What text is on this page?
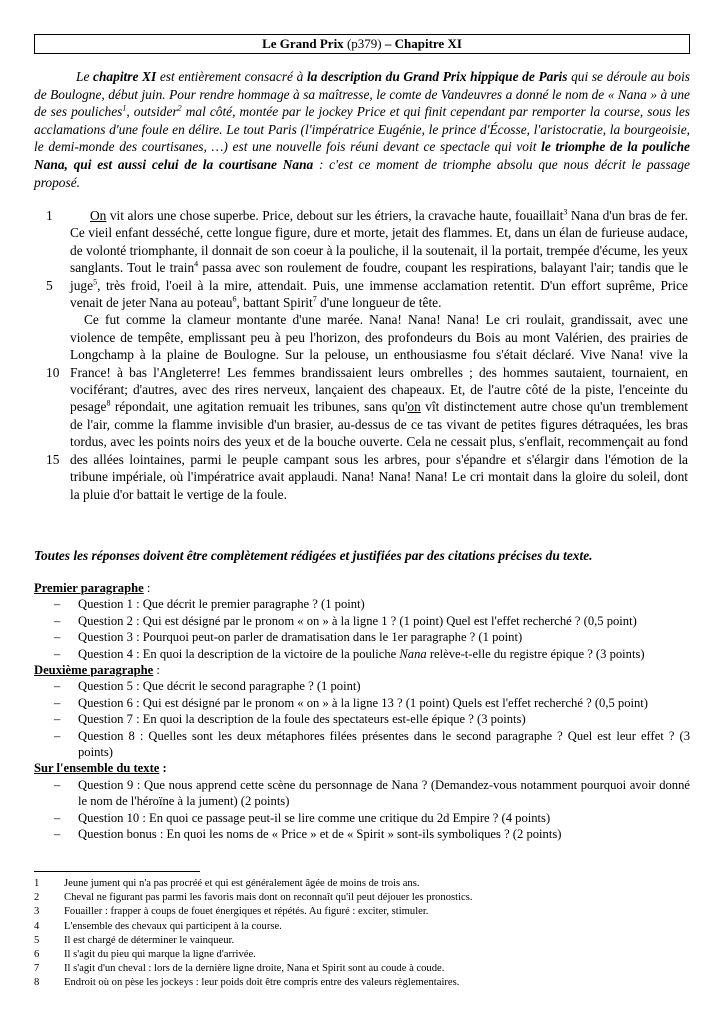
Le Grand Prix (p379) – Chapitre XI

Le chapitre XI est entièrement consacré à la description du Grand Prix hippique de Paris qui se déroule au bois de Boulogne, début juin. Pour rendre hommage à sa maîtresse, le comte de Vandeuvres a donné le nom de « Nana » à une de ses pouliches$^1$, outsider$^2$ mal côté, montée par le jockey Price et qui finit cependant par remporter la course, sous les acclamations d'une foule en délire. Le tout Paris (l'impératrice Eugénie, le prince d'Écosse, l'aristocratie, la bourgeoisie, le demi-monde des courtisanes, …) est une nouvelle fois réuni devant ce spectacle qui voit le triomphe de la pouliche Nana, qui est aussi celui de la courtisane Nana : c'est ce moment de triomphe absolu que nous décrit le passage proposé.

1
5
10
15

On vit alors une chose superbe. Price, debout sur les étriers, la cravache haute, fouaillait$^3$ Nana d'un bras de fer. Ce vieil enfant desséché, cette longue figure, dure et morte, jetait des flammes. Et, dans un élan de furieuse audace, de volonté triomphante, il donnait de son coeur à la pouliche, il la soutenait, il la portait, trempée d'écume, les yeux sanglants. Tout le train$^4$ passa avec son roulement de foudre, coupant les respirations, balayant l'air; tandis que le juge$^5$, très froid, l'oeil à la mire, attendait. Puis, une immense acclamation retentit. D'un effort suprême, Price venait de jeter Nana au poteau$^6$, battant Spirit$^7$ d'une longueur de tête.

Ce fut comme la clameur montante d'une marée. Nana! Nana! Nana! Le cri roulait, grandissait, avec une violence de tempête, emplissant peu à peu l'horizon, des profondeurs du Bois au mont Valérien, des prairies de Longchamp à la plaine de Boulogne. Sur la pelouse, un enthousiasme fou s'était déclaré. Vive Nana! vive la France! à bas l'Angleterre! Les femmes brandissaient leurs ombrelles ; des hommes sautaient, tournaient, en vociférant; d'autres, avec des rires nerveux, lançaient des chapeaux. Et, de l'autre côté de la piste, l'enceinte du pesage$^8$ répondait, une agitation remuait les tribunes, sans qu'on vît distinctement autre chose qu'un tremblement de l'air, comme la flamme invisible d'un brasier, au-dessus de ce tas vivant de petites figures détraquées, les bras tordus, avec les points noirs des yeux et de la bouche ouverte. Cela ne cessait plus, s'enflait, recommençait au fond des allées lointaines, parmi le peuple campant sous les arbres, pour s'épandre et s'élargir dans l'émotion de la tribune impériale, où l'impératrice avait applaudi. Nana! Nana! Nana! Le cri montait dans la gloire du soleil, dont la pluie d'or battait le vertige de la foule.

Toutes les réponses doivent être complètement rédigées et justifiées par des citations précises du texte.

Premier paragraphe :

– Question 1 : Que décrit le premier paragraphe ? (1 point)
– Question 2 : Qui est désigné par le pronom « on » à la ligne 1 ? (1 point) Quel est l'effet recherché ? (0,5 point)
– Question 3 : Pourquoi peut-on parler de dramatisation dans le 1er paragraphe ? (1 point)
– Question 4 : En quoi la description de la victoire de la pouliche Nana relève-t-elle du registre épique ? (3 points)

Deuxième paragraphe :

– Question 5 : Que décrit le second paragraphe ? (1 point)
– Question 6 : Qui est désigné par le pronom « on » à la ligne 13 ? (1 point) Quels est l'effet recherché ? (0,5 point)
– Question 7 : En quoi la description de la foule des spectateurs est-elle épique ? (3 points)
– Question 8 : Quelles sont les deux métaphores filées présentes dans le second paragraphe ? Quel est leur effet ? (3 points)

Sur l'ensemble du texte :

– Question 9 : Que nous apprend cette scène du personnage de Nana ? (Demandez-vous notamment pourquoi avoir donné le nom de l'héroïne à la jument) (2 points)
– Question 10 : En quoi ce passage peut-il se lire comme une critique du 2d Empire ? (4 points)
– Question bonus : En quoi les noms de « Price » et de « Spirit » sont-ils symboliques ? (2 points)
1 Jeune jument qui n'a pas procréé et qui est généralement âgée de moins de trois ans.
2 Cheval ne figurant pas parmi les favoris mais dont on reconnaît qu'il peut déjouer les pronostics.
3 Fouailler : frapper à coups de fouet énergiques et répétés. Au figuré : exciter, stimuler.
4 L'ensemble des chevaux qui participent à la course.
5 Il est chargé de déterminer le vainqueur.
6 Il s'agit du pieu qui marque la ligne d'arrivée.
7 Il s'agit d'un cheval : lors de la dernière ligne droite, Nana et Spirit sont au coude à coude.
8 Endroit où on pèse les jockeys : leur poids doit être compris entre des valeurs règlementaires.
